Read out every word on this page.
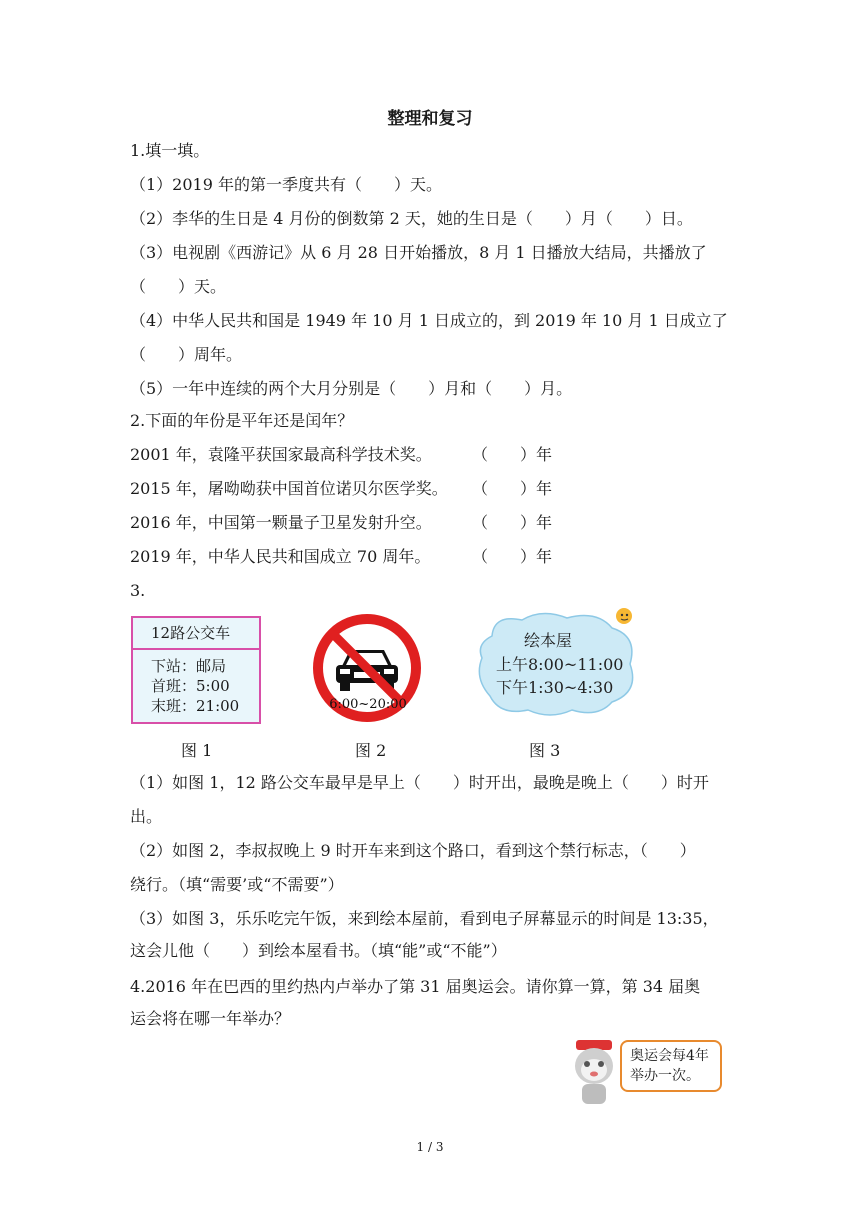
整理和复习
1.填一填。
（1）2019 年的第一季度共有（　　）天。
（2）李华的生日是 4 月份的倒数第 2 天，她的生日是（　　）月（　　）日。
（3）电视剧《西游记》从 6 月 28 日开始播放，8 月 1 日播放大结局，共播放了
（　　）天。
（4）中华人民共和国是 1949 年 10 月 1 日成立的，到 2019 年 10 月 1 日成立了
（　　）周年。
（5）一年中连续的两个大月分别是（　　）月和（　　）月。
2.下面的年份是平年还是闰年？
2001 年，袁隆平获国家最高科学技术奖。	（　　）年
2015 年，屠呦呦获中国首位诺贝尔医学奖。 （　　）年
2016 年，中国第一颗量子卫星发射升空。	（　　）年
2019 年，中华人民共和国成立 70 周年。	（　　）年
3.
12路公交车
下站：邮局
首班：5:00
末班：21:00	6:00~20:00
绘本屋
上午8:00~11:00
下午1:30~4:30
图 1	图 2	图 3
（1）如图 1，12 路公交车最早是早上（　　）时开出，最晚是晚上（　　）时开
出。
（2）如图 2，李叔叔晚上 9 时开车来到这个路口，看到这个禁行标志，（　　）
绕行。（填“需要’或“不需要”）
（3）如图 3，乐乐吃完午饭，来到绘本屋前，看到电子屏幕显示的时间是 13:35，
这会儿他（　　）到绘本屋看书。（填“能”或“不能”）
4.2016 年在巴西的里约热内卢举办了第 31 届奥运会。请你算一算，第 34 届奥
运会将在哪一年举办？
奥运会每4年举办一次。
1 / 3
